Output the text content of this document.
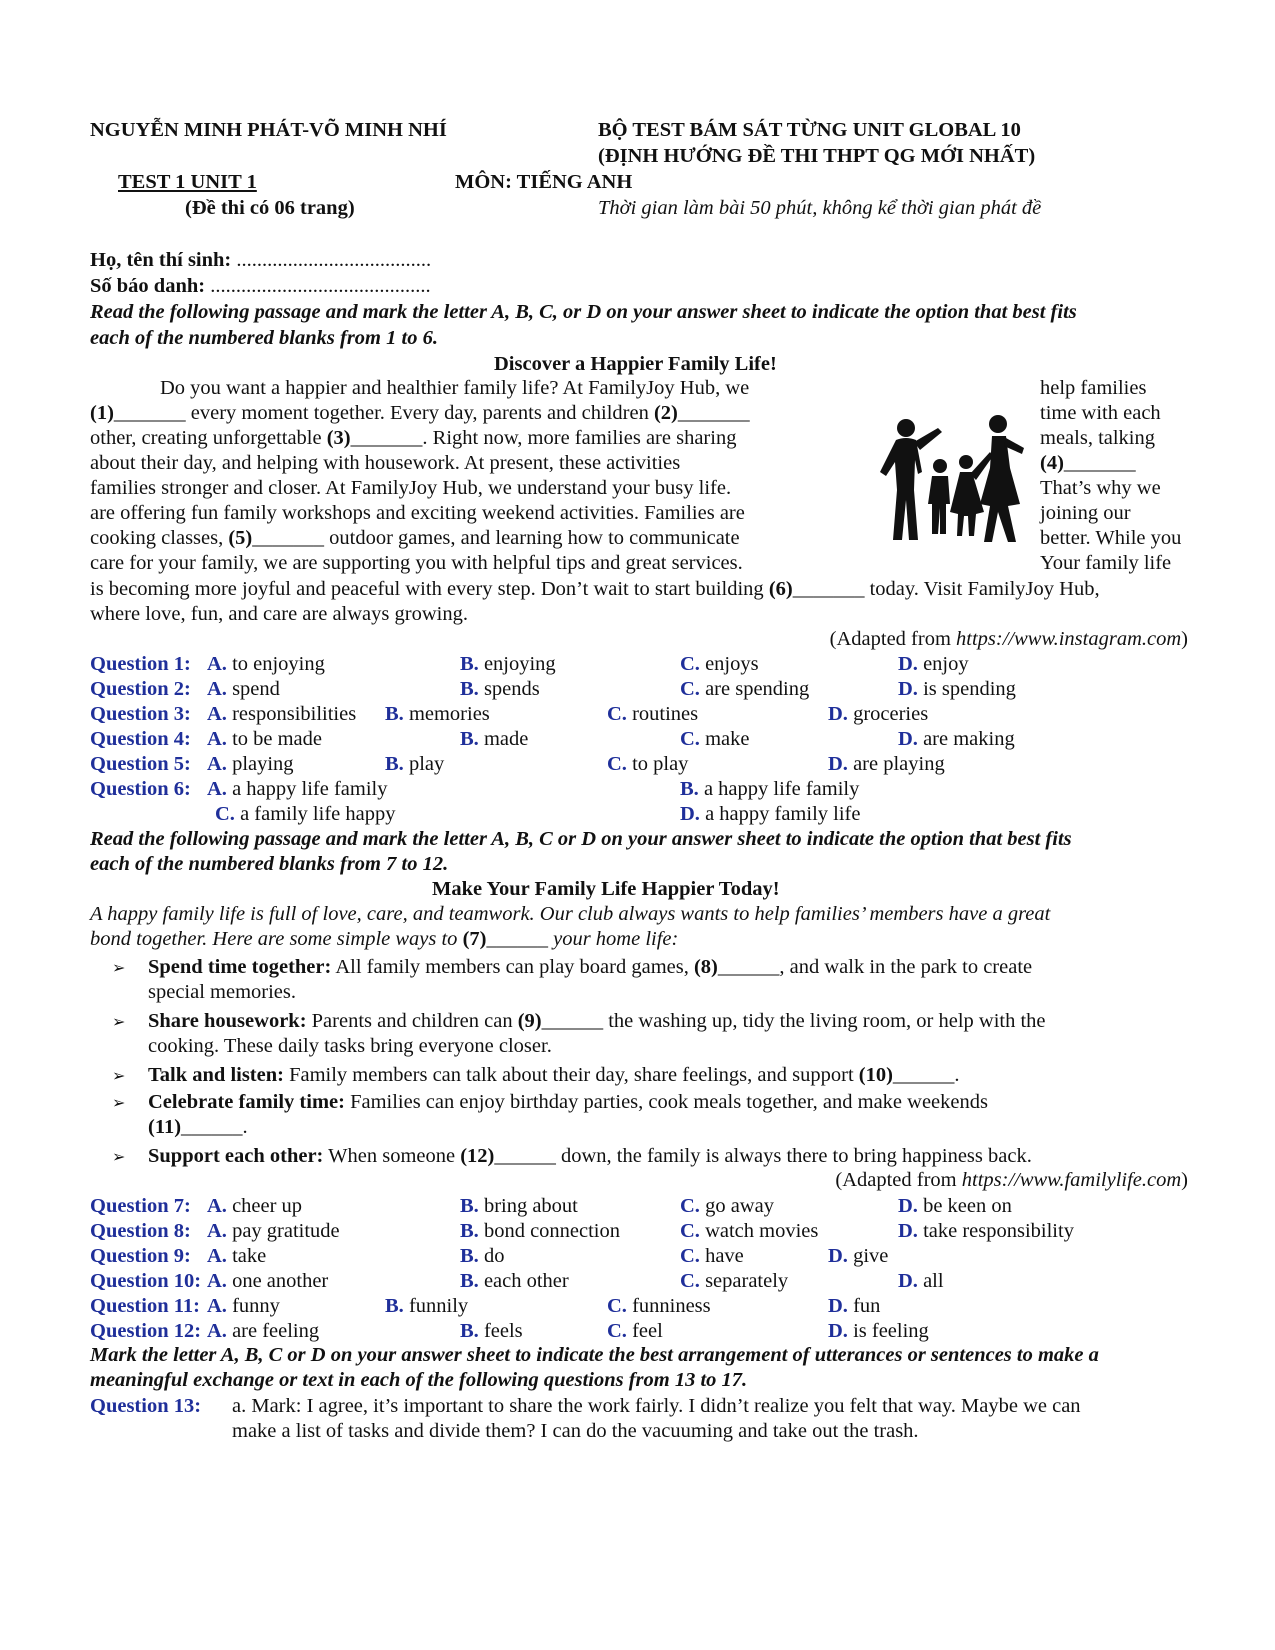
NGUYỄN MINH PHÁT-VÕ MINH NHÍ	BỘ TEST BÁM SÁT TỪNG UNIT GLOBAL 10
(ĐỊNH HƯỚNG ĐỀ THI THPT QG MỚI NHẤT)
TEST 1 UNIT 1	MÔN: TIẾNG ANH
(Đề thi có 06 trang)	Thời gian làm bài 50 phút, không kể thời gian phát đề
Họ, tên thí sinh: ......................................
Số báo danh: ...........................................
Read the following passage and mark the letter A, B, C, or D on your answer sheet to indicate the option that best fits
each of the numbered blanks from 1 to 6.
Discover a Happier Family Life!
Do you want a happier and healthier family life? At FamilyJoy Hub, we
(1)_______ every moment together. Every day, parents and children (2)_______
other, creating unforgettable (3)_______. Right now, more families are sharing
about their day, and helping with housework. At present, these activities
families stronger and closer. At FamilyJoy Hub, we understand your busy life.
are offering fun family workshops and exciting weekend activities. Families are
cooking classes, (5)_______ outdoor games, and learning how to communicate
care for your family, we are supporting you with helpful tips and great services.
help families
time with each
meals, talking
(4)_______
That’s why we
joining our
better. While you
Your family life
is becoming more joyful and peaceful with every step. Don’t wait to start building (6)_______ today. Visit FamilyJoy Hub,
where love, fun, and care are always growing.
(Adapted from https://www.instagram.com)
Question 1: A. to enjoying	B. enjoying	C. enjoys	D. enjoy
Question 2: A. spend	B. spends	C. are spending	D. is spending
Question 3: A. responsibilities B. memories	C. routines	D. groceries
Question 4: A. to be made	B. made	C. make	D. are making
Question 5: A. playing	B. play	C. to play	D. are playing
Question 6: A. a happy life family	B. a happy life family
C. a family life happy	D. a happy family life
Read the following passage and mark the letter A, B, C or D on your answer sheet to indicate the option that best fits
each of the numbered blanks from 7 to 12.
Make Your Family Life Happier Today!
A happy family life is full of love, care, and teamwork. Our club always wants to help families’ members have a great
bond together. Here are some simple ways to (7)______ your home life:
➢ Spend time together: All family members can play board games, (8)______, and walk in the park to create
special memories.
➢ Share housework: Parents and children can (9)______ the washing up, tidy the living room, or help with the
cooking. These daily tasks bring everyone closer.
➢ Talk and listen: Family members can talk about their day, share feelings, and support (10)______.
➢ Celebrate family time: Families can enjoy birthday parties, cook meals together, and make weekends
(11)______.
➢ Support each other: When someone (12)______ down, the family is always there to bring happiness back.
(Adapted from https://www.familylife.com)
Question 7: A. cheer up	B. bring about	C. go away	D. be keen on
Question 8: A. pay gratitude	B. bond connection	C. watch movies	D. take responsibility
Question 9: A. take	B. do	C. have	D. give
Question 10: A. one another	B. each other	C. separately	D. all
Question 11: A. funny	B. funnily	C. funniness	D. fun
Question 12: A. are feeling	B. feels	C. feel	D. is feeling
Mark the letter A, B, C or D on your answer sheet to indicate the best arrangement of utterances or sentences to make a
meaningful exchange or text in each of the following questions from 13 to 17.
Question 13: a. Mark: I agree, it’s important to share the work fairly. I didn’t realize you felt that way. Maybe we can
make a list of tasks and divide them? I can do the vacuuming and take out the trash.
